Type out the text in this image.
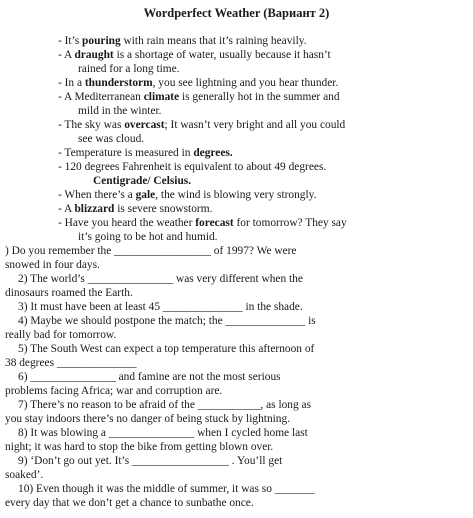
Wordperfect Weather (Вариант 2)
- It’s pouring with rain means that it’s raining heavily.
- A draught is a shortage of water, usually because it hasn’t
rained for a long time.
- In a thunderstorm, you see lightning and you hear thunder.
- A Mediterranean climate is generally hot in the summer and
mild in the winter.
- The sky was overcast; It wasn’t very bright and all you could
see was cloud.
- Temperature is measured in degrees.
- 120 degrees Fahrenheit is equivalent to about 49 degrees.
Centigrade/ Celsius.
- When there’s a gale, the wind is blowing very strongly.
- A blizzard is severe snowstorm.
- Have you heard the weather forecast for tomorrow? They say
it’s going to be hot and humid.
) Do you remember the _________________ of 1997? We were
snowed in four days.
2) The world’s _______________ was very different when the
dinosaurs roamed the Earth.
3) It must have been at least 45 ______________ in the shade.
4) Maybe we should postpone the match; the ______________ is
really bad for tomorrow.
5) The South West can expect a top temperature this afternoon of
38 degrees ______________
6) _______________ and famine are not the most serious
problems facing Africa; war and corruption are.
7) There’s no reason to be afraid of the ___________, as long as
you stay indoors there’s no danger of being stuck by lightning.
8) It was blowing a _______________ when I cycled home last
night; it was hard to stop the bike from getting blown over.
9) ‘Don’t go out yet. It’s _________________ . You’ll get
soaked’.
10) Even though it was the middle of summer, it was so _______
every day that we don’t get a chance to sunbathe once.
